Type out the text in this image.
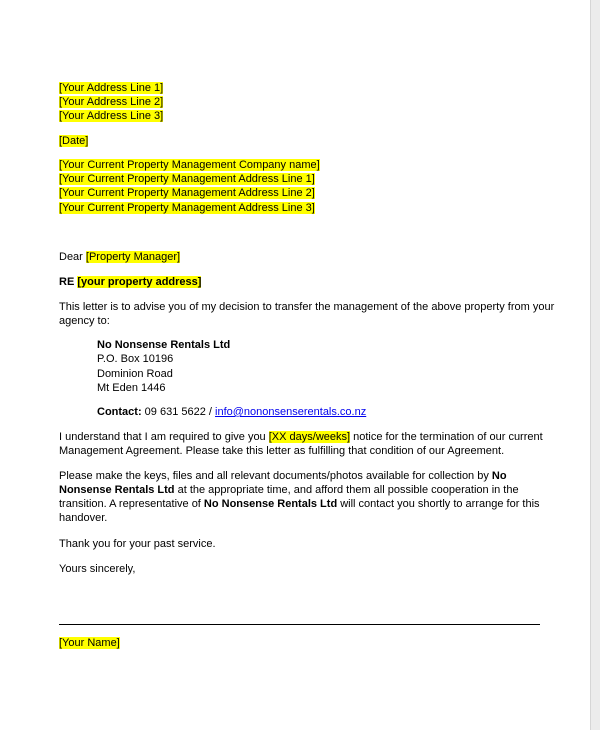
[Your Address Line 1]
[Your Address Line 2]
[Your Address Line 3]
[Date]
[Your Current Property Management Company name]
[Your Current Property Management Address Line 1]
[Your Current Property Management Address Line 2]
[Your Current Property Management Address Line 3]
Dear [Property Manager]
RE [your property address]
This letter is to advise you of my decision to transfer the management of the above property from your
agency to:
No Nonsense Rentals Ltd
P.O. Box 10196
Dominion Road
Mt Eden 1446
Contact: 09 631 5622 / info@nononsenserentals.co.nz
I understand that I am required to give you [XX days/weeks] notice for the termination of our current
Management Agreement. Please take this letter as fulfilling that condition of our Agreement.
Please make the keys, files and all relevant documents/photos available for collection by No
Nonsense Rentals Ltd at the appropriate time, and afford them all possible cooperation in the
transition. A representative of No Nonsense Rentals Ltd will contact you shortly to arrange for this
handover.
Thank you for your past service.
Yours sincerely,
[Your Name]
